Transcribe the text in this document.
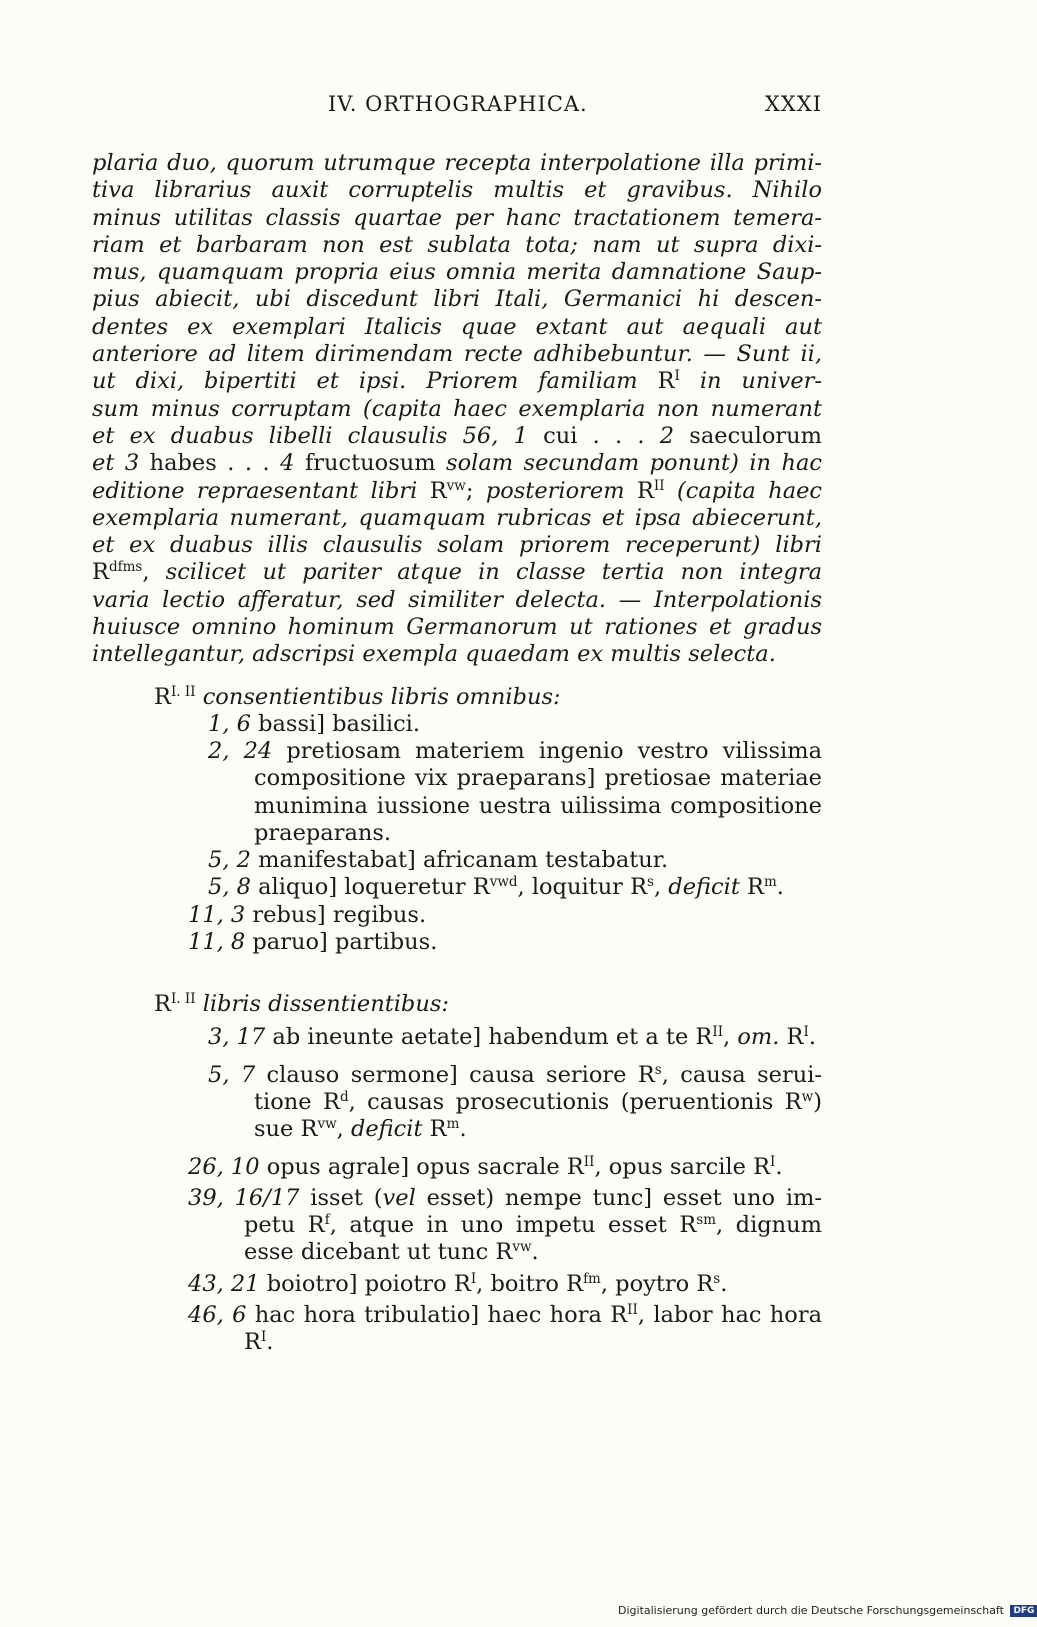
IV. ORTHOGRAPHICA.	XXXI
plaria duo, quorum utrumque recepta interpolatione illa primi-
tiva librarius auxit corruptelis multis et gravibus. Nihilo
minus utilitas classis quartae per hanc tractationem temera-
riam et barbaram non est sublata tota; nam ut supra dixi-
mus, quamquam propria eius omnia merita damnatione Saup-
pius abiecit, ubi discedunt libri Itali, Germanici hi descen-
dentes ex exemplari Italicis quae extant aut aequali aut
anteriore ad litem dirimendam recte adhibebuntur. — Sunt ii,
ut dixi, bipertiti et ipsi. Priorem familiam $R^I$ in univer-
sum minus corruptam (capita haec exemplaria non numerant
et ex duabus libelli clausulis 56, 1 cui . . . 2 saeculorum
et 3 habes . . . 4 fructuosum solam secundam ponunt) in hac
editione repraesentant libri $R^{vw}$; posteriorem $R^{II}$ (capita haec
exemplaria numerant, quamquam rubricas et ipsa abiecerunt,
et ex duabus illis clausulis solam priorem receperunt) libri
$R^{dfms}$, scilicet ut pariter atque in classe tertia non integra
varia lectio afferatur, sed similiter delecta. — Interpolationis
huiusce omnino hominum Germanorum ut rationes et gradus
intellegantur, adscripsi exempla quaedam ex multis selecta.
$R^{I. II}$ consentientibus libris omnibus:
1, 6 bassi] basilici.
2, 24 pretiosam materiem ingenio vestro vilissima compositione vix praeparans] pretiosae materiae munimina iussione uestra uilissima compositione praeparans.
5, 2 manifestabat] africanam testabatur.
5, 8 aliquo] loqueretur $R^{vwd}$, loquitur $R^s$, deficit $R^m$.
11, 3 rebus] regibus.
11, 8 paruo] partibus.
$R^{I. II}$ libris dissentientibus:
3, 17 ab ineunte aetate] habendum et a te $R^{II}$, om. $R^I$.
5, 7 clauso sermone] causa seriore $R^s$, causa seruitione $R^d$, causas prosecutionis (peruentionis $R^w$) sue $R^{vw}$, deficit $R^m$.
26, 10 opus agrale] opus sacrale $R^{II}$, opus sarcile $R^I$.
39, 16/17 isset (vel esset) nempe tunc] esset uno impetu $R^f$, atque in uno impetu esset $R^{sm}$, dignum esse dicebant ut tunc $R^{vw}$.
43, 21 boiotro] poiotro $R^I$, boitro $R^{fm}$, poytro $R^s$.
46, 6 hac hora tribulatio] haec hora $R^{II}$, labor hac hora $R^I$.
Digitalisierung gefördert durch die Deutsche Forschungsgemeinschaft DFG
